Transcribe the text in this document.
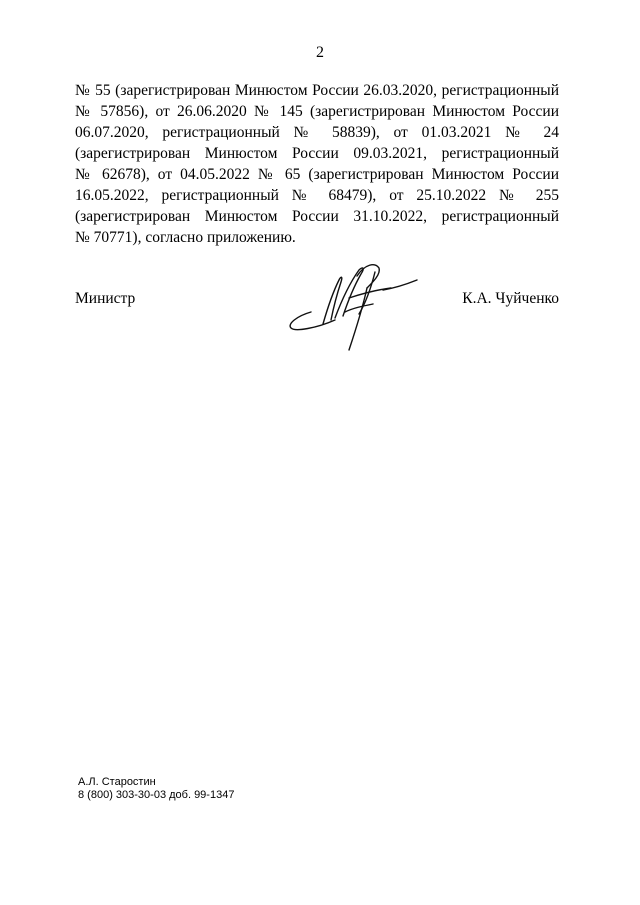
2
№ 55 (зарегистрирован Минюстом России 26.03.2020, регистрационный
№ 57856), от 26.06.2020 № 145 (зарегистрирован Минюстом России
06.07.2020, регистрационный № 58839), от 01.03.2021 № 24
(зарегистрирован Минюстом России 09.03.2021, регистрационный
№ 62678), от 04.05.2022 № 65 (зарегистрирован Минюстом России
16.05.2022, регистрационный № 68479), от 25.10.2022 № 255
(зарегистрирован Минюстом России 31.10.2022, регистрационный
№ 70771), согласно приложению.
Министр	К.А. Чуйченко
А.Л. Старостин
8 (800) 303-30-03 доб. 99-1347
